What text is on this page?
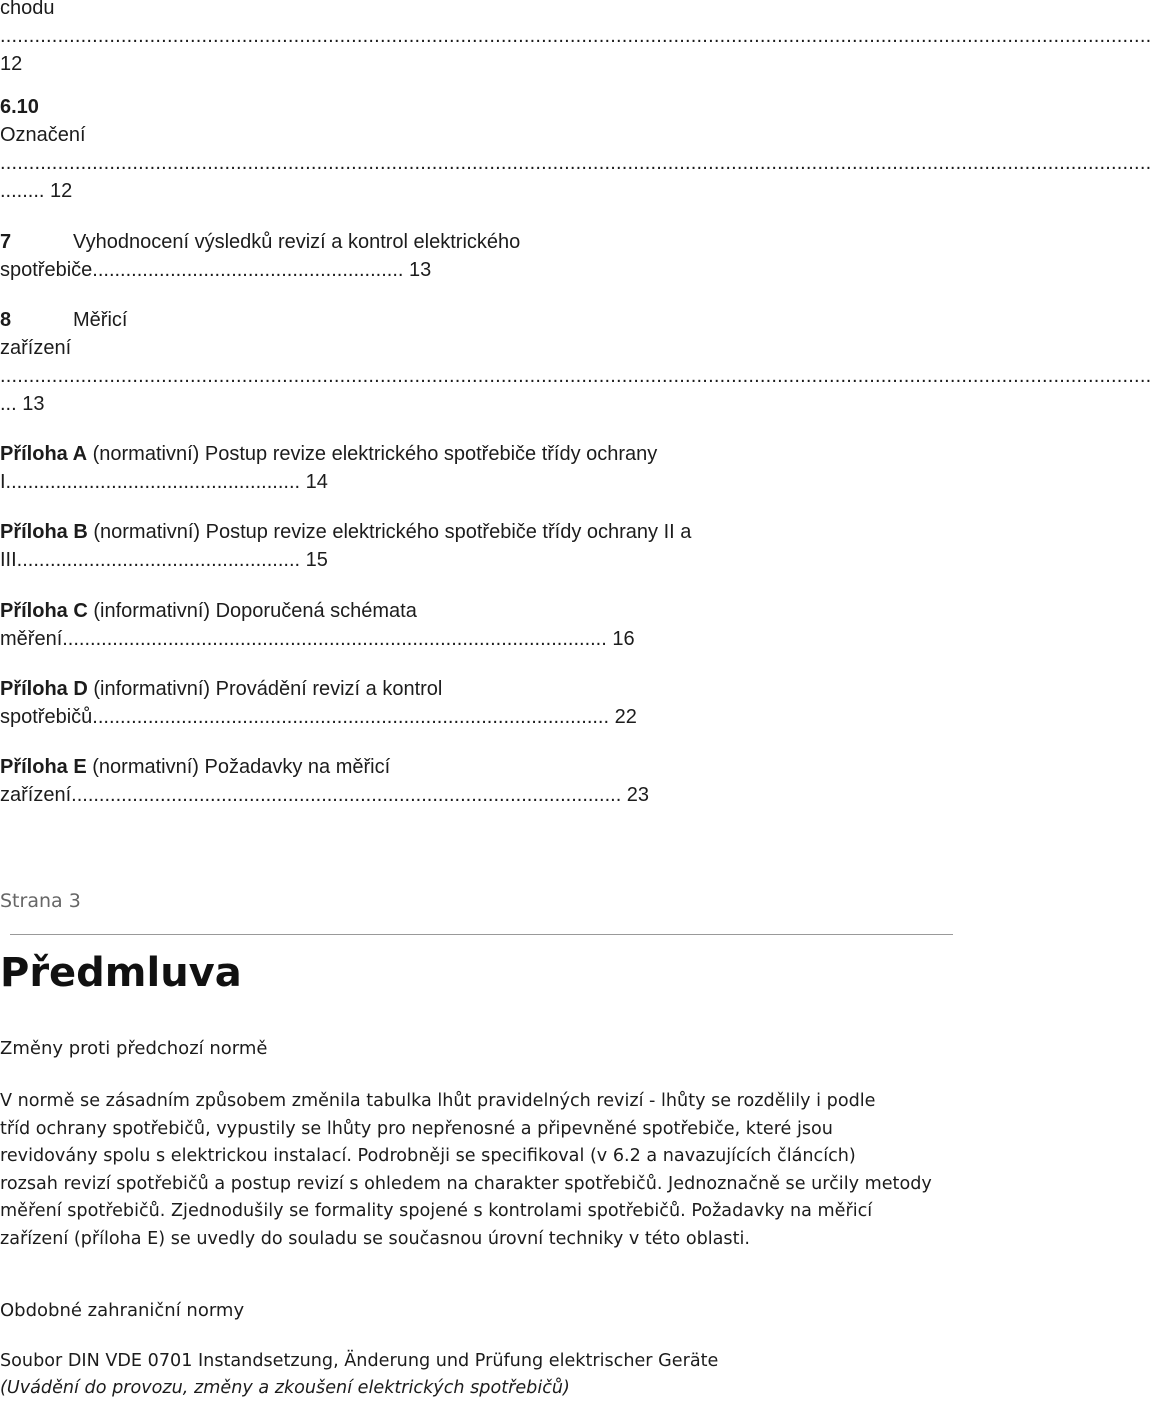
chodu
........................................................................................................................................................................................................
12
6.10
Označení
........................................................................................................................................................................................................
........ 12
7	Vyhodnocení výsledků revizí a kontrol elektrického
spotřebiče........................................................ 13
8	Měřicí
zařízení
........................................................................................................................................................................................................
... 13
Příloha A (normativní) Postup revize elektrického spotřebiče třídy ochrany
I..................................................... 14
Příloha B (normativní) Postup revize elektrického spotřebiče třídy ochrany II a
III................................................... 15
Příloha C (informativní) Doporučená schémata
měření.................................................................................................. 16
Příloha D (informativní) Provádění revizí a kontrol
spotřebičů............................................................................................. 22
Příloha E (normativní) Požadavky na měřicí
zařízení................................................................................................... 23
Strana 3
Předmluva
Změny proti předchozí normě

V normě se zásadním způsobem změnila tabulka lhůt pravidelných revizí - lhůty se rozdělily i podle
tříd ochrany spotřebičů, vypustily se lhůty pro nepřenosné a připevněné spotřebiče, které jsou
revidovány spolu s elektrickou instalací. Podrobněji se specifikoval (v 6.2 a navazujících článcích)
rozsah revizí spotřebičů a postup revizí s ohledem na charakter spotřebičů. Jednoznačně se určily metody
měření spotřebičů. Zjednodušily se formality spojené s kontrolami spotřebičů. Požadavky na měřicí
zařízení (příloha E) se uvedly do souladu se současnou úrovní techniky v této oblasti.

Obdobné zahraniční normy
Soubor DIN VDE 0701 Instandsetzung, Änderung und Prüfung elektrischer Geräte
(Uvádění do provozu, změny a zkoušení elektrických spotřebičů)
